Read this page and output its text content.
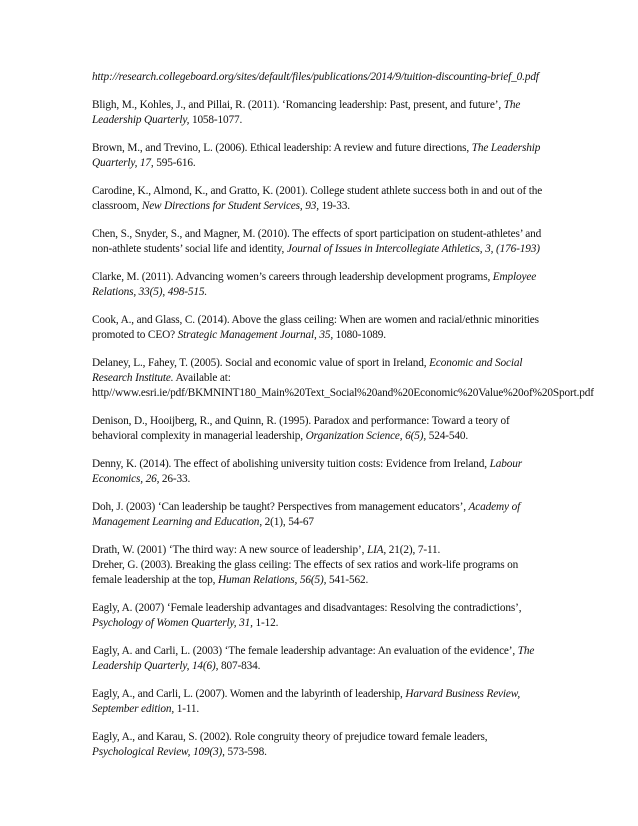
http://research.collegeboard.org/sites/default/files/publications/2014/9/tuition-discounting-brief_0.pdf

Bligh, M., Kohles, J., and Pillai, R. (2011). ‘Romancing leadership: Past, present, and future’, The Leadership Quarterly, 1058-1077.

Brown, M., and Trevino, L. (2006). Ethical leadership: A review and future directions, The Leadership Quarterly, 17, 595-616.

Carodine, K., Almond, K., and Gratto, K. (2001). College student athlete success both in and out of the classroom, New Directions for Student Services, 93, 19-33.

Chen, S., Snyder, S., and Magner, M. (2010). The effects of sport participation on student-athletes’ and non-athlete students’ social life and identity, Journal of Issues in Intercollegiate Athletics, 3, (176-193)

Clarke, M. (2011). Advancing women’s careers through leadership development programs, Employee Relations, 33(5), 498-515.

Cook, A., and Glass, C. (2014). Above the glass ceiling: When are women and racial/ethnic minorities promoted to CEO? Strategic Management Journal, 35, 1080-1089.

Delaney, L., Fahey, T. (2005). Social and economic value of sport in Ireland, Economic and Social Research Institute. Available at: http//www.esri.ie/pdf/BKMNINT180_Main%20Text_Social%20and%20Economic%20Value%20of%20Sport.pdf

Denison, D., Hooijberg, R., and Quinn, R. (1995). Paradox and performance: Toward a teory of behavioral complexity in managerial leadership, Organization Science, 6(5), 524-540.

Denny, K. (2014). The effect of abolishing university tuition costs: Evidence from Ireland, Labour Economics, 26, 26-33.

Doh, J. (2003) ‘Can leadership be taught? Perspectives from management educators’, Academy of Management Learning and Education, 2(1), 54-67

Drath, W. (2001) ‘The third way: A new source of leadership’, LIA, 21(2), 7-11.
Dreher, G. (2003). Breaking the glass ceiling: The effects of sex ratios and work-life programs on female leadership at the top, Human Relations, 56(5), 541-562.

Eagly, A. (2007) ‘Female leadership advantages and disadvantages: Resolving the contradictions’, Psychology of Women Quarterly, 31, 1-12.

Eagly, A. and Carli, L. (2003) ‘The female leadership advantage: An evaluation of the evidence’, The Leadership Quarterly, 14(6), 807-834.

Eagly, A., and Carli, L. (2007). Women and the labyrinth of leadership, Harvard Business Review, September edition, 1-11.

Eagly, A., and Karau, S. (2002). Role congruity theory of prejudice toward female leaders, Psychological Review, 109(3), 573-598.
